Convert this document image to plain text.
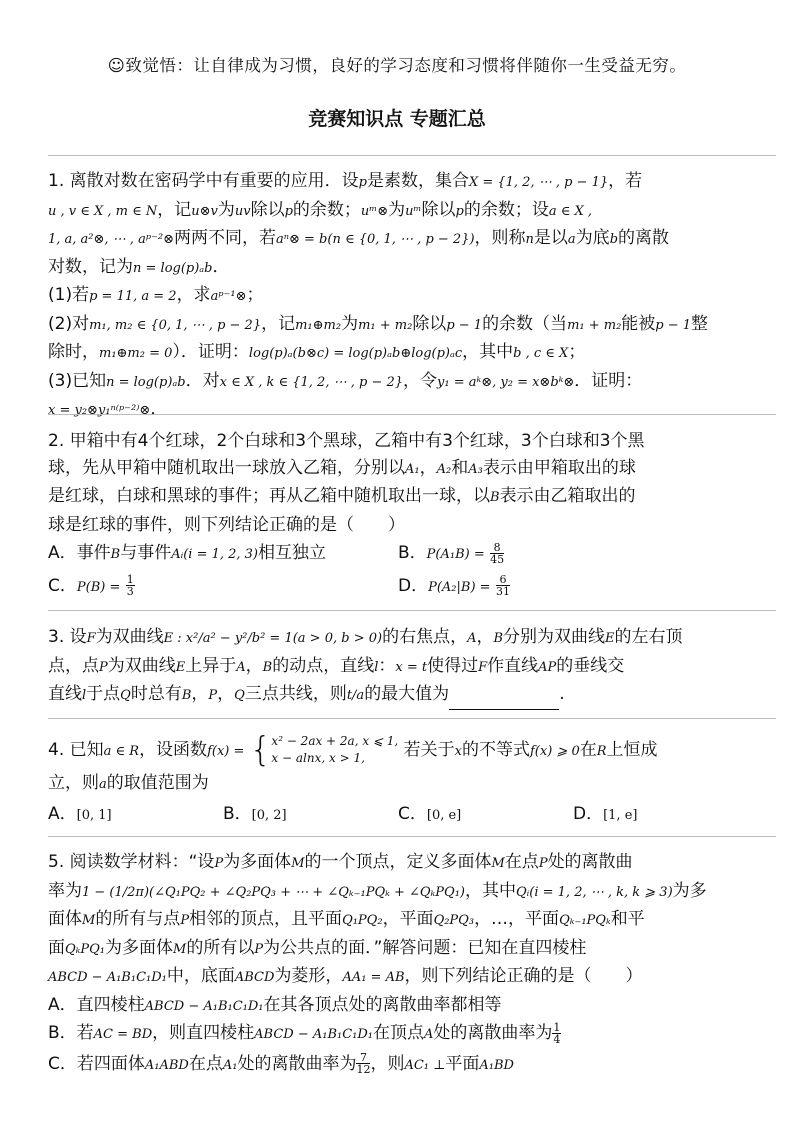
☺致觉悟：让自律成为习惯，良好的学习态度和习惯将伴随你一生受益无穷。
竞赛知识点 专题汇总

1. 离散对数在密码学中有重要的应用．设p是素数，集合X = {1, 2, ⋯ , p − 1}，若

u , v ∈ X , m ∈ N，记u⊗v为uv除以p的余数；uᵐ⊗为uᵐ除以p的余数；设a ∈ X ,

1, a, a²⊗, ⋯ , aᵖ⁻²⊗两两不同，若aⁿ⊗ = b(n ∈ {0, 1, ⋯ , p − 2})，则称n是以a为底b的离散

对数，记为n = log(p)ₐb．

(1)若p = 11, a = 2，求aᵖ⁻¹⊗；

(2)对m₁, m₂ ∈ {0, 1, ⋯ , p − 2}，记m₁⊕m₂为m₁ + m₂除以p − 1的余数（当m₁ + m₂能被p − 1整

除时，m₁⊕m₂ = 0）．证明：log(p)ₐ(b⊗c) = log(p)ₐb⊕log(p)ₐc，其中b , c ∈ X；

(3)已知n = log(p)ₐb．对x ∈ X , k ∈ {1, 2, ⋯ , p − 2}，令y₁ = aᵏ⊗, y₂ = x⊗bᵏ⊗．证明：

x = y₂⊗y₁ⁿ⁽ᵖ⁻²⁾⊗．

2. 甲箱中有4个红球，2个白球和3个黑球，乙箱中有3个红球，3个白球和3个黑

球，先从甲箱中随机取出一球放入乙箱，分别以A₁，A₂和A₃表示由甲箱取出的球

是红球，白球和黑球的事件；再从乙箱中随机取出一球，以B表示由乙箱取出的

球是红球的事件，则下列结论正确的是（　　）

A．事件B与事件Aᵢ(i = 1, 2, 3)相互独立	B．$P(A_1B) = \frac{8}{45}$
C．$P(B) = \frac{1}{3}$	D．$P(A_2|B) = \frac{6}{31}$

3. 设F为双曲线E : x²/a² − y²/b² = 1(a > 0, b > 0)的右焦点，A，B分别为双曲线E的左右顶

点，点P为双曲线E上异于A，B的动点，直线l：x = t使得过F作直线AP的垂线交

直线l于点Q时总有B，P，Q三点共线，则t/a的最大值为	.

4. 已知a ∈ R，设函数f(x) = { x² − 2ax + 2a, x ⩽ 1,
x − alnx, x > 1,	若关于x的不等式f(x) ⩾ 0在R上恒成

立，则a的取值范围为

A．[0, 1]	B．[0, 2]	C．[0, e]	D．[1, e]

5. 阅读数学材料：“设P为多面体M的一个顶点，定义多面体M在点P处的离散曲

率为1 − (1/2π)(∠Q₁PQ₂ + ∠Q₂PQ₃ + ⋯ + ∠Qₖ₋₁PQₖ + ∠QₖPQ₁)，其中Qᵢ(i = 1, 2, ⋯ , k, k ⩾ 3)为多

面体M的所有与点P相邻的顶点，且平面Q₁PQ₂，平面Q₂PQ₃，…，平面Qₖ₋₁PQₖ和平

面QₖPQ₁为多面体M的所有以P为公共点的面．”解答问题：已知在直四棱柱

ABCD − A₁B₁C₁D₁中，底面ABCD为菱形，AA₁ = AB，则下列结论正确的是（　　）

A．直四棱柱ABCD − A₁B₁C₁D₁在其各顶点处的离散曲率都相等

B．若AC = BD，则直四棱柱ABCD − A₁B₁C₁D₁在顶点A处的离散曲率为 $\frac{1}{4}$

C．若四面体A₁ABD在点A₁处的离散曲率为 $\frac{7}{12}$ ，则AC₁ ⊥平面A₁BD
